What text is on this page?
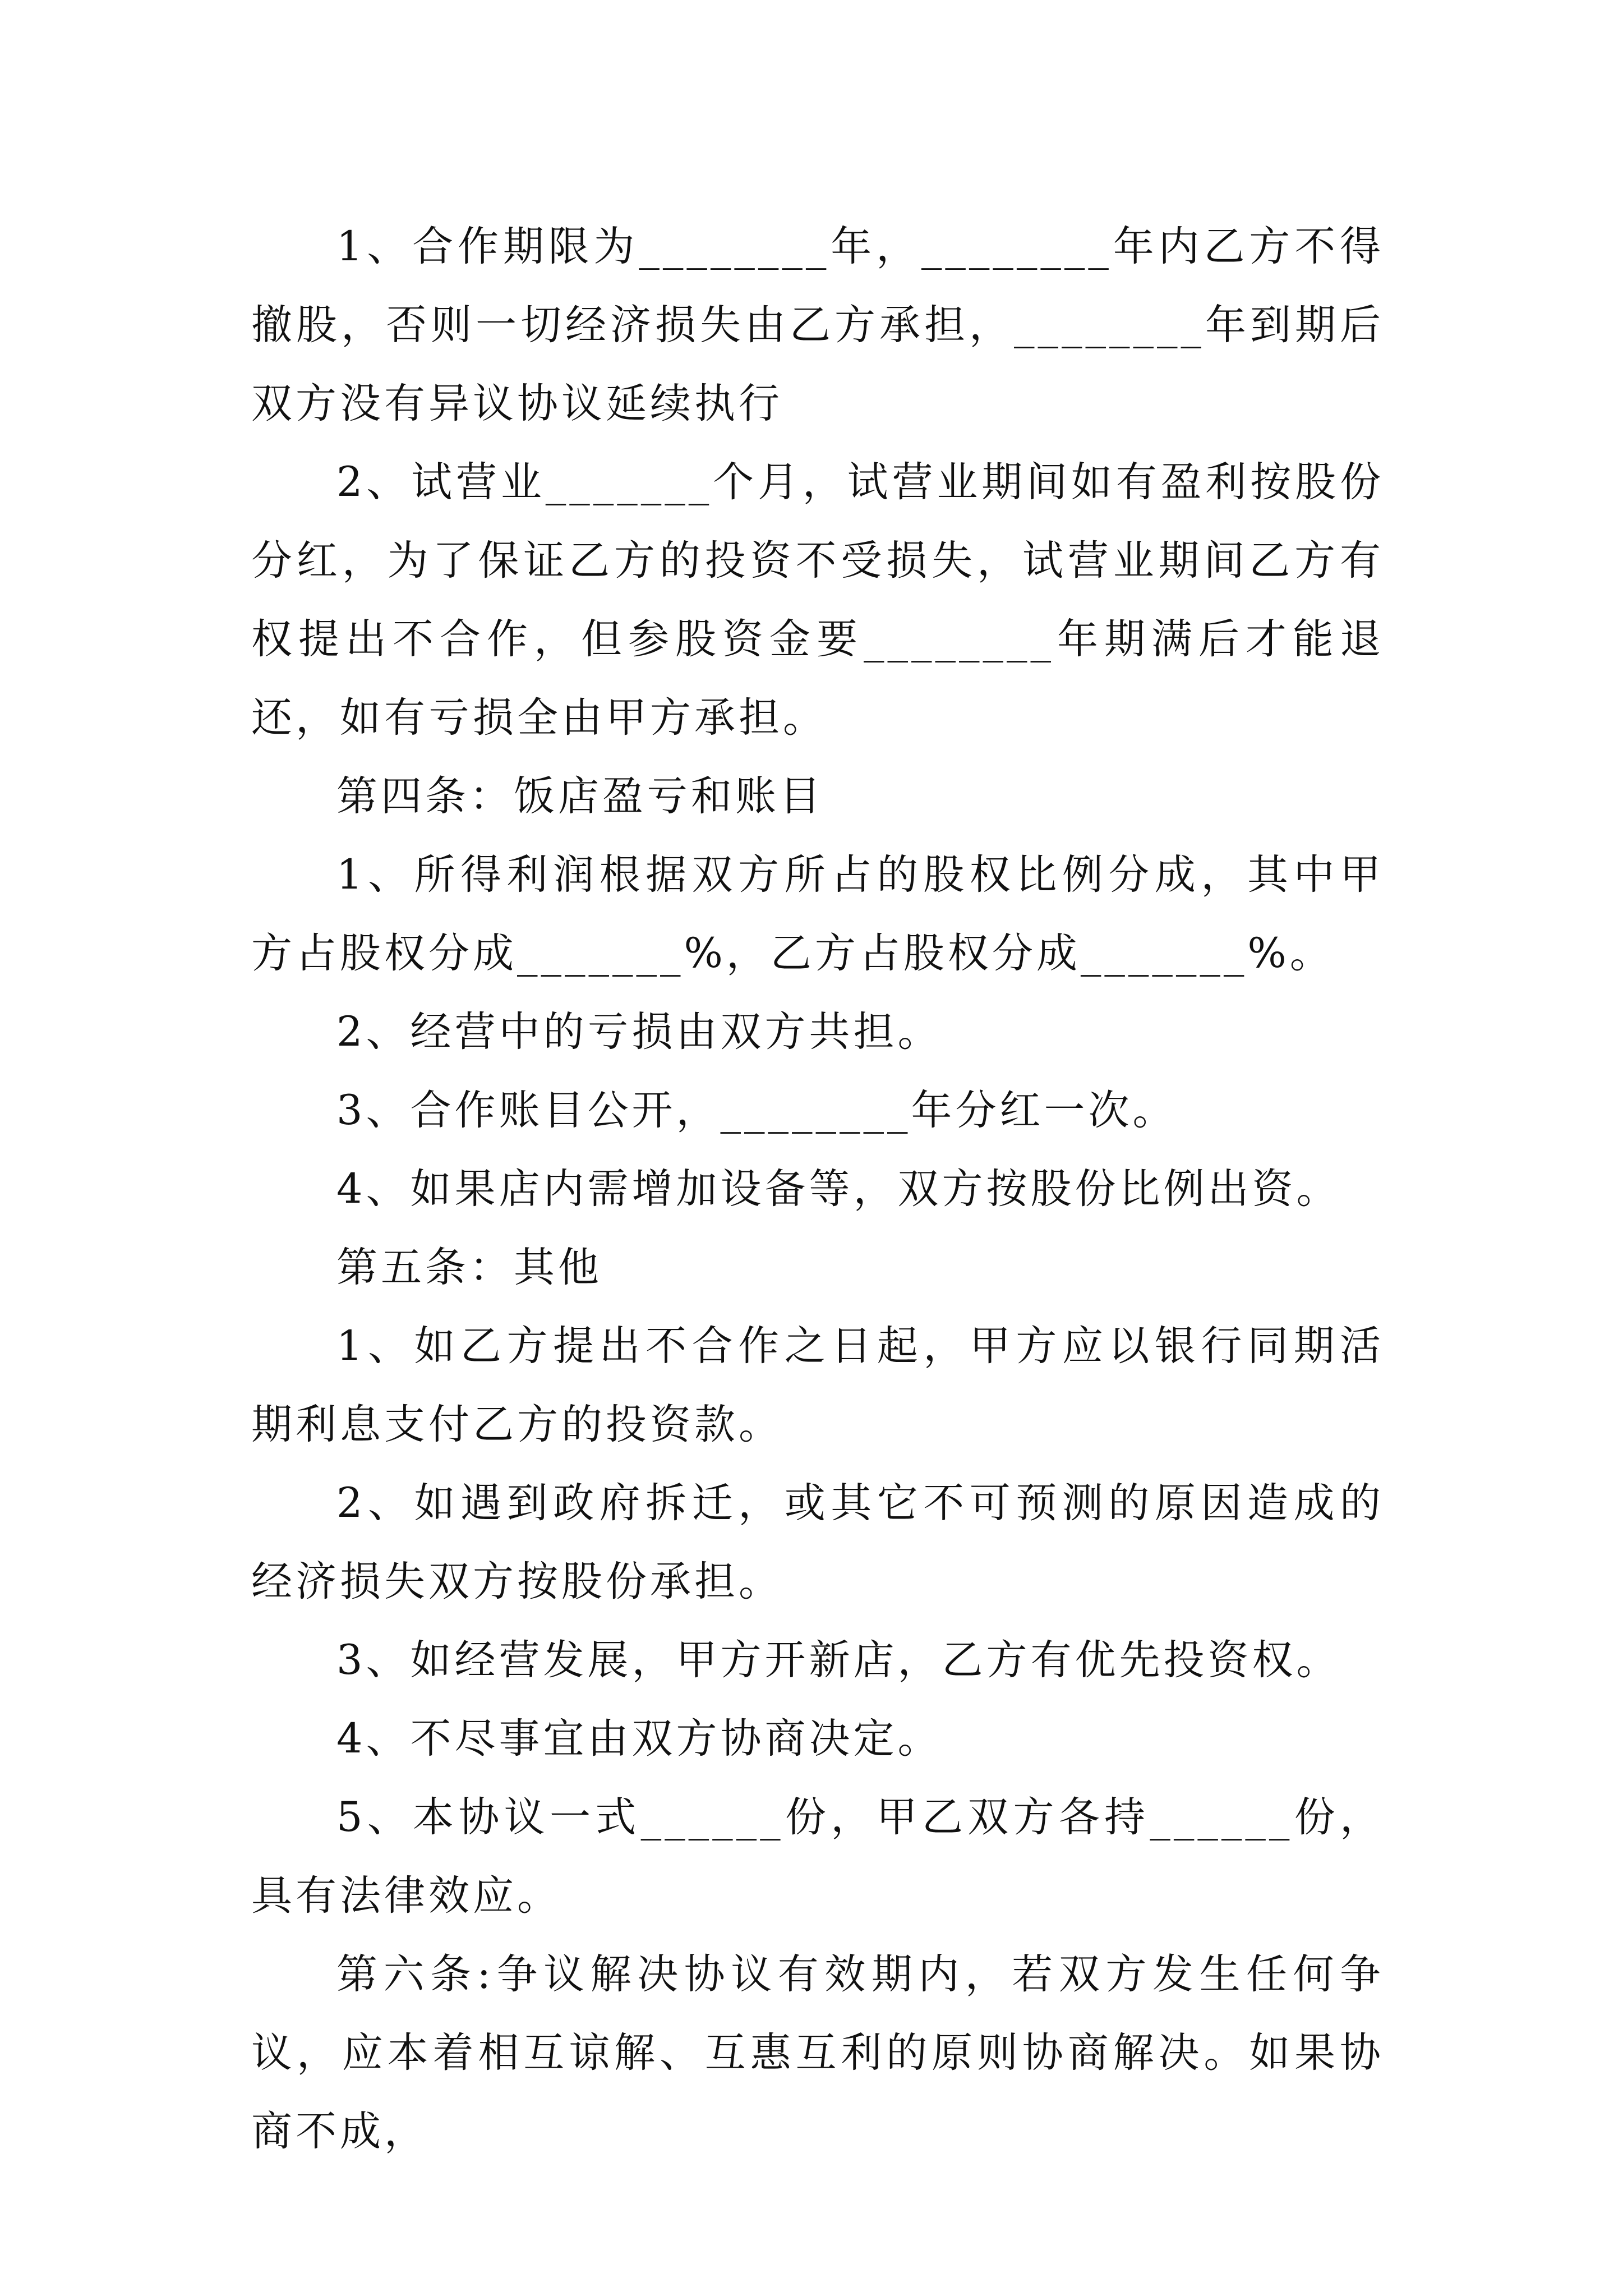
1、合作期限为________年，________年内乙方不得撤股，否则一切经济损失由乙方承担，________年到期后双方没有异议协议延续执行

2、试营业_______个月，试营业期间如有盈利按股份分红，为了保证乙方的投资不受损失，试营业期间乙方有权提出不合作，但参股资金要________年期满后才能退还，如有亏损全由甲方承担。

第四条：饭店盈亏和账目

1、所得利润根据双方所占的股权比例分成，其中甲方占股权分成_______%，乙方占股权分成_______%。

2、经营中的亏损由双方共担。

3、合作账目公开，________年分红一次。

4、如果店内需增加设备等，双方按股份比例出资。

第五条：其他

1、如乙方提出不合作之日起，甲方应以银行同期活期利息支付乙方的投资款。

2、如遇到政府拆迁，或其它不可预测的原因造成的经济损失双方按股份承担。

3、如经营发展，甲方开新店，乙方有优先投资权。

4、不尽事宜由双方协商决定。

5、本协议一式______份，甲乙双方各持______份，具有法律效应。

第六条:争议解决协议有效期内，若双方发生任何争议，应本着相互谅解、互惠互利的原则协商解决。如果协商不成，
